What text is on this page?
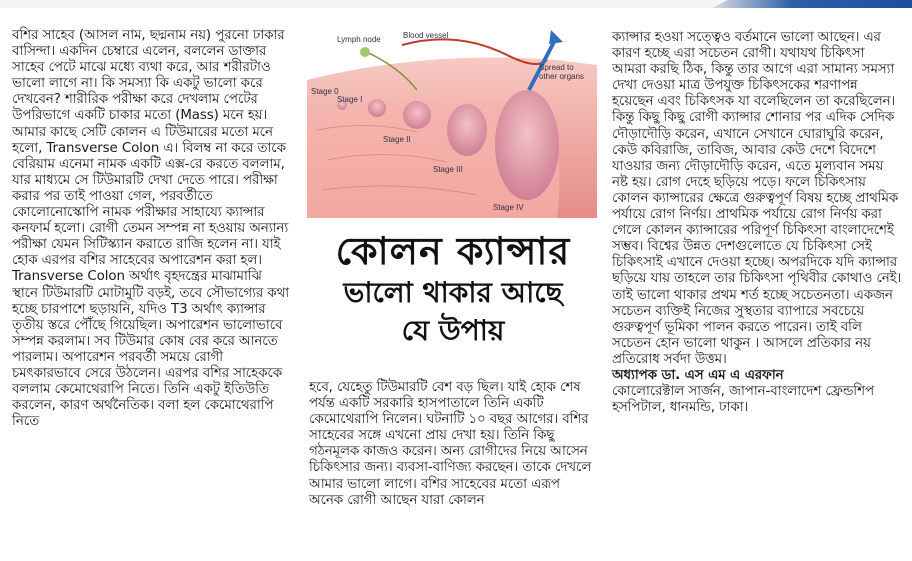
বশির সাহেব (আসল নাম, ছদ্মনাম নয়) পুরনো ঢাকার বাসিন্দা। একদিন চেম্বারে এলেন, বললেন ডাক্তার সাহেব পেটে মাঝে মধ্যে ব্যথা করে, আর শরীরটাও ভালো লাগে না। কি সমস্যা কি একটু ভালো করে দেখবেন? শারীরিক পরীক্ষা করে দেখলাম পেটের উপরিভাগে একটি চাকার মতো (Mass) মনে হয়। আমার কাছে সেটি কোলন এ টিউমারের মতো মনে হলো, Transverse Colon এ। বিলম্ব না করে তাকে বেরিয়াম এনেমা নামক একটি এক্স-রে করতে বললাম, যার মাধ্যমে সে টিউমারটি দেখা দেতে পারে। পরীক্ষা করার পর তাই পাওয়া গেল, পরবর্তীতে কোলোনোস্কোপি নামক পরীক্ষার সাহায্যে ক্যান্সার কনফার্ম হলো। রোগী তেমন সম্পন্ন না হওয়ায় অন্যান্য পরীক্ষা যেমন সিটিস্ক্যান করাতে রাজি হলেন না। যাই হোক এরপর বশির সাহেবের অপারেশন করা হল। Transverse Colon অর্থাৎ বৃহদন্ত্রের মাঝামাঝি স্থানে টিউমারটি মোটামুটি বড়ই, তবে সৌভাগ্যের কথা হচ্ছে চারপাশে ছড়ায়নি, যদিও T3 অর্থাৎ ক্যান্সার তৃতীয় স্তরে পৌঁছে গিয়েছিল। অপারেশন ভালোভাবে সম্পন্ন করলাম। সব টিউমার কোষ বের করে আনতে পারলাম। অপারেশন পরবর্তী সময়ে রোগী চমৎকারভাবে সেরে উঠলেন। এরপর বশির সাহেককে বললাম কেমোথেরাপি নিতে। তিনি একটু ইতিউতি করলেন, কারণ অর্থনৈতিক। বলা হল কেমোথেরাপি নিতে

Lymph node	Blood vessel
Spread to
other organs
Stage 0
Stage I
Stage II
Stage III
Stage IV
কোলন ক্যান্সার
ভালো থাকার আছে
যে উপায়

হবে, যেহেতু টিউমারটি বেশ বড় ছিল। যাই হোক শেষ পর্যন্ত একটি সরকারি হাসপাতালে তিনি একটি কেমোথেরাপি নিলেন। ঘটনাটি ১০ বছর আগের। বশির সাহেবের সঙ্গে এখনো প্রায় দেখা হয়। তিনি কিছু গঠনমূলক কাজও করেন। অন্য রোগীদের নিয়ে আসেন চিকিৎসার জন্য। ব্যবসা-বাণিজ্য করছেন। তাকে দেখলে আমার ভালো লাগে। বশির সাহেবের মতো এরূপ অনেক রোগী আছেন যারা কোলন

ক্যান্সার হওয়া সত্ত্বেও বর্তমানে ভালো আছেন। এর কারণ হচ্ছে এরা সচেতন রোগী। যথাযথ চিকিৎসা আমরা করছি ঠিক, কিন্তু তার আগে এরা সামান্য সমস্যা দেখা দেওয়া মাত্র উপযুক্ত চিকিৎসকের শরণাপন্ন হয়েছেন এবং চিকিৎসক যা বলেছিলেন তা করেছিলেন। কিন্তু কিছু কিছু রোগী ক্যান্সার শোনার পর এদিক সেদিক দৌড়াদৌড়ি করেন, এখানে সেখানে ঘোরাঘুরি করেন, কেউ কবিরাজি, তাবিজ, আবার কেউ দেশে বিদেশে যাওয়ার জন্য দৌড়াদৌড়ি করেন, এতে মূল্যবান সময় নষ্ট হয়। রোগ দেহে ছড়িয়ে পড়ে। ফলে চিকিৎসায় কোলন ক্যান্সারের ক্ষেত্রে গুরুত্বপূর্ণ বিষয় হচ্ছে প্রাথমিক পর্যায়ে রোগ নির্ণয়। প্রাথমিক পর্যায়ে রোগ নির্ণয় করা গেলে কোলন ক্যান্সারের পরিপূর্ণ চিকিৎসা বাংলাদেশেই সম্ভব। বিশ্বের উন্নত দেশগুলোতে যে চিকিৎসা সেই চিকিৎসাই এখানে দেওয়া হচ্ছে। অপরদিকে যদি ক্যান্সার ছড়িয়ে যায় তাহলে তার চিকিৎসা পৃথিবীর কোথাও নেই। তাই ভালো থাকার প্রথম শর্ত হচ্ছে সচেতনতা। একজন সচেতন ব্যক্তিই নিজের সুস্থতার ব্যাপারে সবচেয়ে গুরুত্বপূর্ণ ভূমিকা পালন করতে পারেন। তাই বলি সচেতন হোন ভালো থাকুন । আসলে প্রতিকার নয় প্রতিরোধ সর্বদা উত্তম।

অধ্যাপক ডা. এস এম এ এরফান

কোলোরেক্টাল সার্জন, জাপান-বাংলাদেশ ফ্রেন্ডশিপ হসপিটাল, ধানমন্ডি, ঢাকা।
